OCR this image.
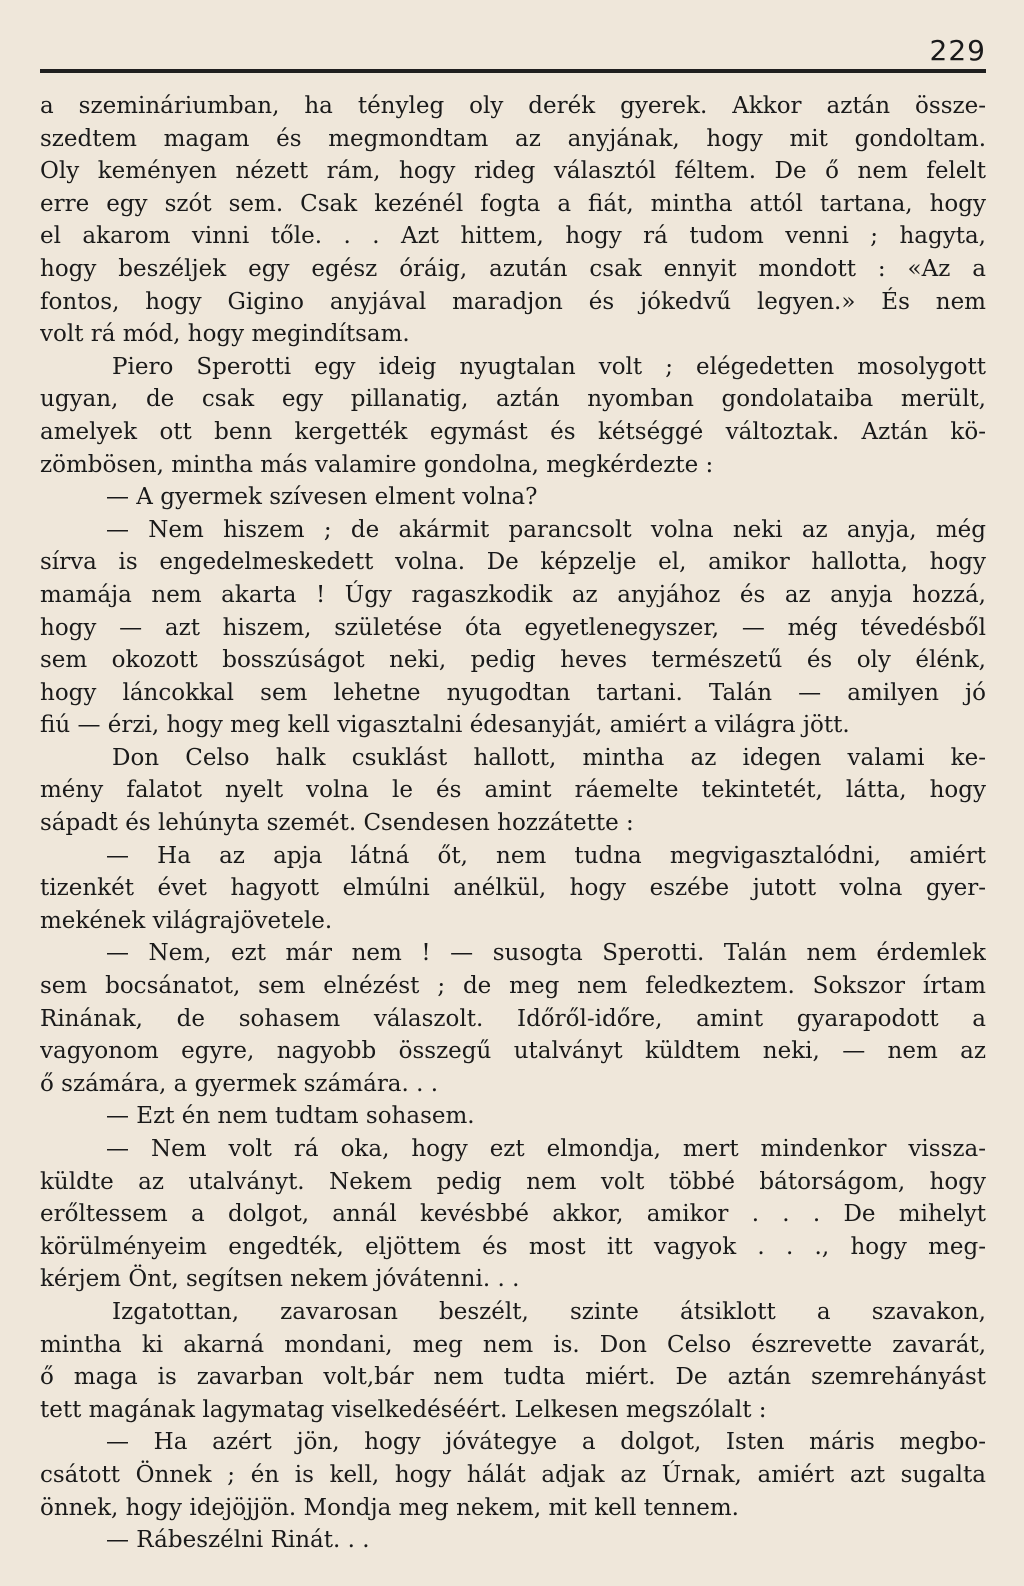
229
a szemináriumban, ha tényleg oly derék gyerek. Akkor aztán össze-
szedtem magam és megmondtam az anyjának, hogy mit gondoltam.
Oly keményen nézett rám, hogy rideg választól féltem. De ő nem felelt
erre egy szót sem. Csak kezénél fogta a fiát, mintha attól tartana, hogy
el akarom vinni tőle. . . Azt hittem, hogy rá tudom venni ; hagyta,
hogy beszéljek egy egész óráig, azután csak ennyit mondott : «Az a
fontos, hogy Gigino anyjával maradjon és jókedvű legyen.» És nem
volt rá mód, hogy megindítsam.
Piero Sperotti egy ideig nyugtalan volt ; elégedetten mosolygott
ugyan, de csak egy pillanatig, aztán nyomban gondolataiba merült,
amelyek ott benn kergették egymást és kétséggé változtak. Aztán kö-
zömbösen, mintha más valamire gondolna, megkérdezte :
— A gyermek szívesen elment volna?
— Nem hiszem ; de akármit parancsolt volna neki az anyja, még
sírva is engedelmeskedett volna. De képzelje el, amikor hallotta, hogy
mamája nem akarta ! Úgy ragaszkodik az anyjához és az anyja hozzá,
hogy — azt hiszem, születése óta egyetlenegyszer, — még tévedésből
sem okozott bosszúságot neki, pedig heves természetű és oly élénk,
hogy láncokkal sem lehetne nyugodtan tartani. Talán — amilyen jó
fiú — érzi, hogy meg kell vigasztalni édesanyját, amiért a világra jött.
Don Celso halk csuklást hallott, mintha az idegen valami ke-
mény falatot nyelt volna le és amint ráemelte tekintetét, látta, hogy
sápadt és lehúnyta szemét. Csendesen hozzátette :
— Ha az apja látná őt, nem tudna megvigasztalódni, amiért
tizenkét évet hagyott elmúlni anélkül, hogy eszébe jutott volna gyer-
mekének világrajövetele.
— Nem, ezt már nem ! — susogta Sperotti. Talán nem érdemlek
sem bocsánatot, sem elnézést ; de meg nem feledkeztem. Sokszor írtam
Rinának, de sohasem válaszolt. Időről-időre, amint gyarapodott a
vagyonom egyre, nagyobb összegű utalványt küldtem neki, — nem az
ő számára, a gyermek számára. . .
— Ezt én nem tudtam sohasem.
— Nem volt rá oka, hogy ezt elmondja, mert mindenkor vissza-
küldte az utalványt. Nekem pedig nem volt többé bátorságom, hogy
erőltessem a dolgot, annál kevésbbé akkor, amikor . . . De mihelyt
körülményeim engedték, eljöttem és most itt vagyok . . ., hogy meg-
kérjem Önt, segítsen nekem jóvátenni. . .
Izgatottan, zavarosan beszélt, szinte átsiklott a szavakon,
mintha ki akarná mondani, meg nem is. Don Celso észrevette zavarát,
ő maga is zavarban volt,bár nem tudta miért. De aztán szemrehányást
tett magának lagymatag viselkedéséért. Lelkesen megszólalt :
— Ha azért jön, hogy jóvátegye a dolgot, Isten máris megbo-
csátott Önnek ; én is kell, hogy hálát adjak az Úrnak, amiért azt sugalta
önnek, hogy idejöjjön. Mondja meg nekem, mit kell tennem.
— Rábeszélni Rinát. . .
